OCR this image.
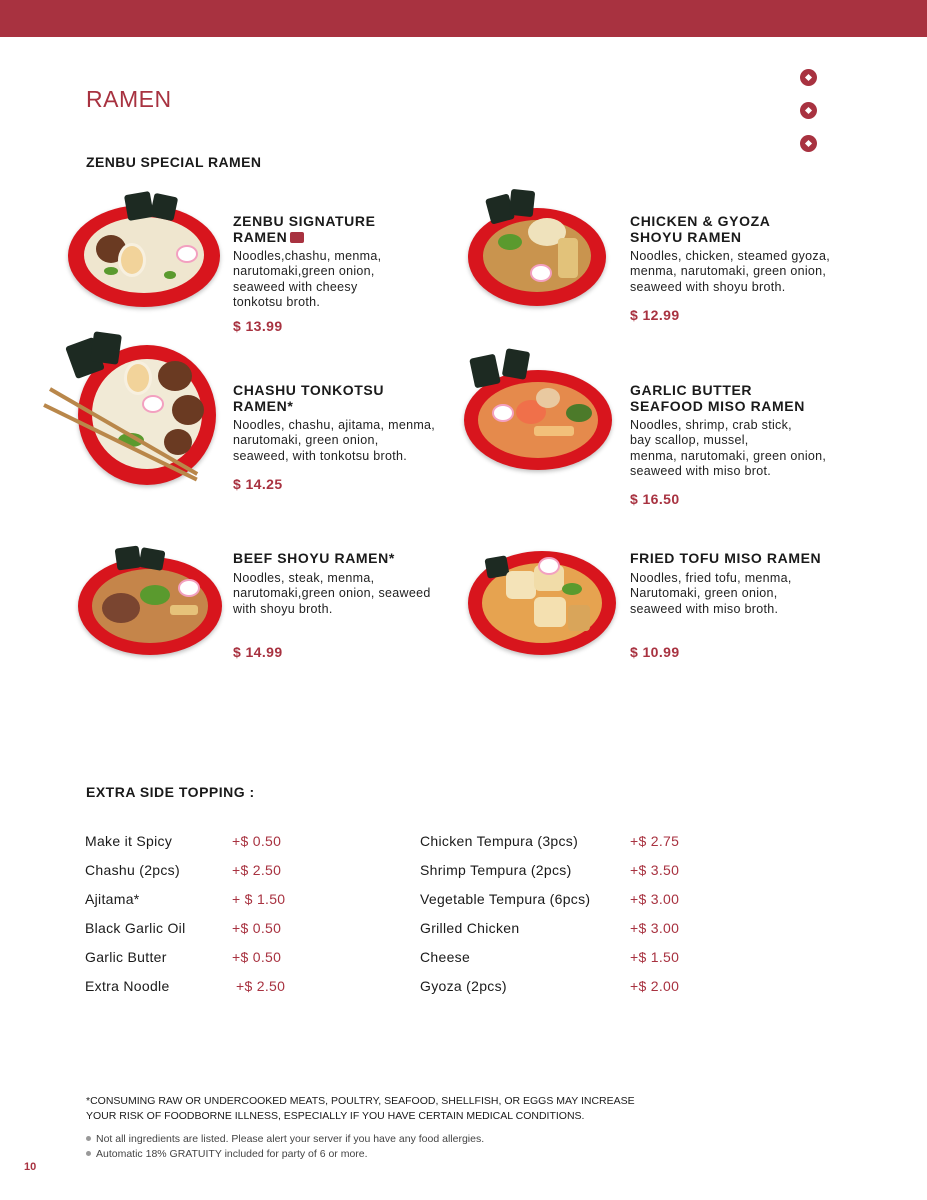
RAMEN
ZENBU SPECIAL RAMEN
ZENBU SIGNATURE
RAMEN
Noodles,chashu, menma,
narutomaki,green onion,
seaweed with cheesy
tonkotsu broth.
$ 13.99
CHICKEN & GYOZA
SHOYU RAMEN
Noodles, chicken, steamed gyoza,
menma, narutomaki, green onion,
seaweed with shoyu broth.
$ 12.99
CHASHU TONKOTSU
RAMEN*
Noodles, chashu, ajitama, menma,
narutomaki, green onion,
seaweed, with tonkotsu broth.
$ 14.25
GARLIC BUTTER
SEAFOOD MISO RAMEN
Noodles, shrimp, crab stick,
bay scallop, mussel,
menma, narutomaki, green onion,
seaweed with miso brot.
$ 16.50
BEEF SHOYU RAMEN*
Noodles, steak, menma,
narutomaki,green onion, seaweed
with shoyu broth.
$ 14.99
FRIED TOFU MISO RAMEN
Noodles, fried tofu, menma,
Narutomaki, green onion,
seaweed with miso broth.
$ 10.99
EXTRA SIDE TOPPING :
Make it Spicy	+$ 0.50
Chashu (2pcs)	+$ 2.50
Ajitama*	+ $ 1.50
Black Garlic Oil	+$ 0.50
Garlic Butter	+$ 0.50
Extra Noodle	+$ 2.50
Chicken Tempura (3pcs)	+$ 2.75
Shrimp Tempura (2pcs)	+$ 3.50
Vegetable Tempura (6pcs)	+$ 3.00
Grilled Chicken	+$ 3.00
Cheese	+$ 1.50
Gyoza (2pcs)	+$ 2.00
*CONSUMING RAW OR UNDERCOOKED MEATS, POULTRY, SEAFOOD, SHELLFISH, OR EGGS MAY INCREASE
YOUR RISK OF FOODBORNE ILLNESS, ESPECIALLY IF YOU HAVE CERTAIN MEDICAL CONDITIONS.
Not all ingredients are listed. Please alert your server if you have any food allergies.
Automatic 18% GRATUITY included for party of 6 or more.
10
